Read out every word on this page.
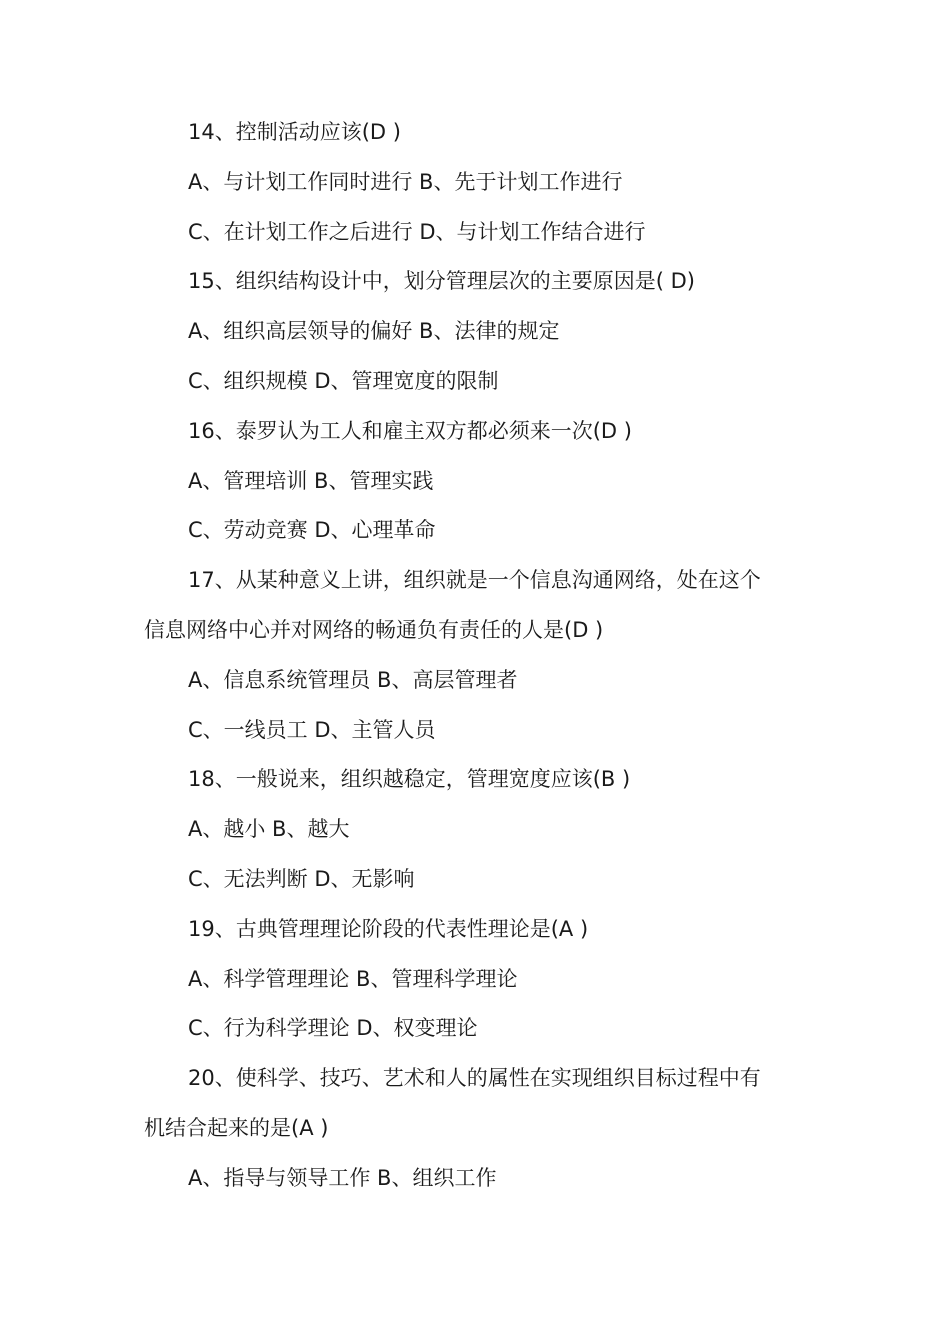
14、控制活动应该(D )
A、与计划工作同时进行 B、先于计划工作进行
C、在计划工作之后进行 D、与计划工作结合进行
15、组织结构设计中，划分管理层次的主要原因是( D)
A、组织高层领导的偏好 B、法律的规定
C、组织规模 D、管理宽度的限制
16、泰罗认为工人和雇主双方都必须来一次(D )
A、管理培训 B、管理实践
C、劳动竞赛 D、心理革命
17、从某种意义上讲，组织就是一个信息沟通网络，处在这个
信息网络中心并对网络的畅通负有责任的人是(D )
A、信息系统管理员 B、高层管理者
C、一线员工 D、主管人员
18、一般说来，组织越稳定，管理宽度应该(B )
A、越小 B、越大
C、无法判断 D、无影响
19、古典管理理论阶段的代表性理论是(A )
A、科学管理理论 B、管理科学理论
C、行为科学理论 D、权变理论
20、使科学、技巧、艺术和人的属性在实现组织目标过程中有
机结合起来的是(A )
A、指导与领导工作 B、组织工作
